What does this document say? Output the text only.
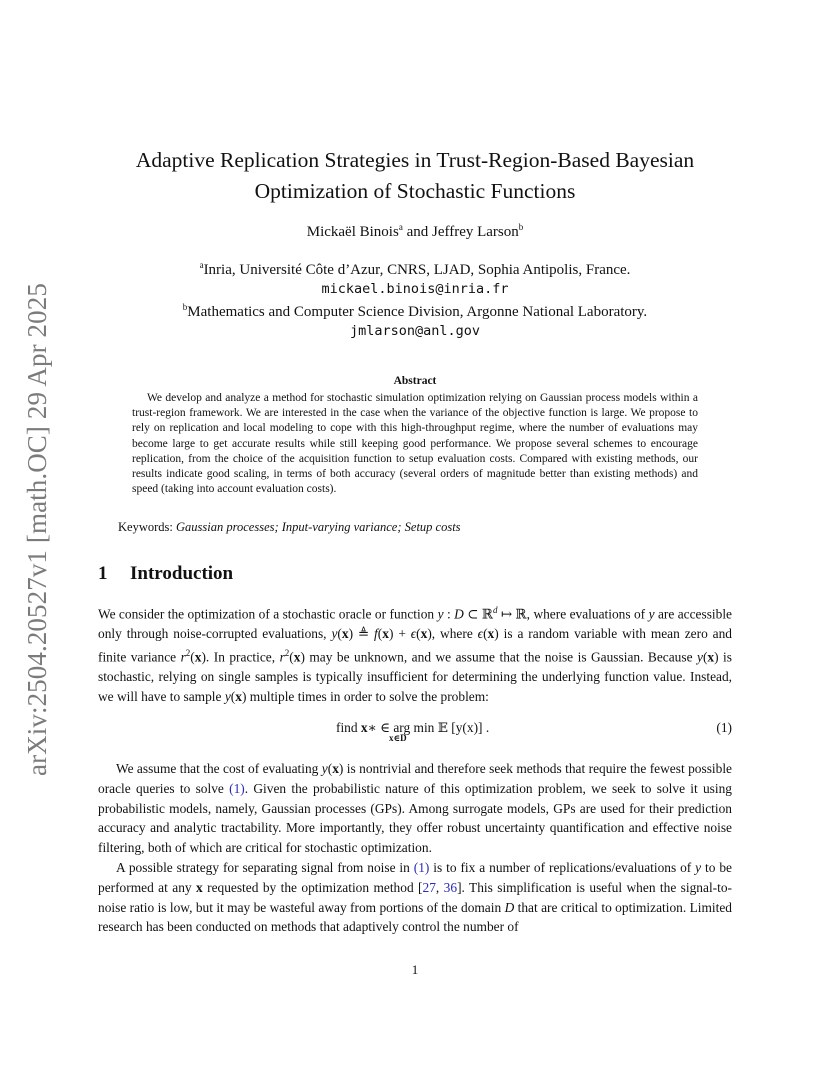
arXiv:2504.20527v1 [math.OC] 29 Apr 2025
Adaptive Replication Strategies in Trust-Region-Based Bayesian
Optimization of Stochastic Functions
Mickaël Binois$^a$ and Jeffrey Larson$^b$
$^a$Inria, Université Côte d’Azur, CNRS, LJAD, Sophia Antipolis, France.
mickael.binois@inria.fr
$^b$Mathematics and Computer Science Division, Argonne National Laboratory.
jmlarson@anl.gov
Abstract

We develop and analyze a method for stochastic simulation optimization relying on Gaussian process models within a trust-region framework. We are interested in the case when the variance of the objective function is large. We propose to rely on replication and local modeling to cope with this high-throughput regime, where the number of evaluations may become large to get accurate results while still keeping good performance. We propose several schemes to encourage replication, from the choice of the acquisition function to setup evaluation costs. Compared with existing methods, our results indicate good scaling, in terms of both accuracy (several orders of magnitude better than existing methods) and speed (taking into account evaluation costs).

Keywords: Gaussian processes; Input-varying variance; Setup costs
1 Introduction

We consider the optimization of a stochastic oracle or function y : D ⊂ ℝ$^d$ ↦ ℝ, where evaluations of y are accessible only through noise-corrupted evaluations, y(x) ≜ f(x) + ϵ(x), where ϵ(x) is a random variable with mean zero and finite variance $r^2(x)$. In practice, $r^2(x)$ may be unknown, and we assume that the noise is Gaussian. Because y(x) is stochastic, relying on single samples is typically insufficient for determining the underlying function value. Instead, we will have to sample y(x) multiple times in order to solve the problem:

find x∗ ∈ arg min 𝔼 [y(x)] .
x∈D
(1)

We assume that the cost of evaluating y(x) is nontrivial and therefore seek methods that require the fewest possible oracle queries to solve (1). Given the probabilistic nature of this optimization problem, we seek to solve it using probabilistic models, namely, Gaussian processes (GPs). Among surrogate models, GPs are used for their prediction accuracy and analytic tractability. More importantly, they offer robust uncertainty quantification and effective noise filtering, both of which are critical for stochastic optimization.

A possible strategy for separating signal from noise in (1) is to fix a number of replications/evaluations of y to be performed at any x requested by the optimization method [27, 36]. This simplification is useful when the signal-to-noise ratio is low, but it may be wasteful away from portions of the domain D that are critical to optimization. Limited research has been conducted on methods that adaptively control the number of

1
